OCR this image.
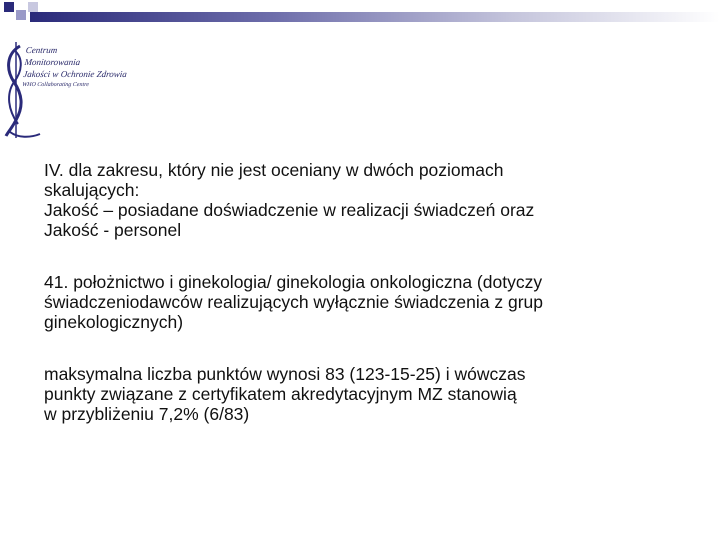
Centrum
Monitorowania
Jakości w Ochronie Zdrowia
WHO Collaborating Centre

IV. dla zakresu, który nie jest oceniany w dwóch poziomach
skalujących:
Jakość – posiadane doświadczenie w realizacji świadczeń oraz
Jakość - personel

41. położnictwo i ginekologia/ ginekologia onkologiczna (dotyczy
świadczeniodawców realizujących wyłącznie świadczenia z grup
ginekologicznych)

maksymalna liczba punktów wynosi 83 (123-15-25) i wówczas
punkty związane z certyfikatem akredytacyjnym MZ stanowią
w przybliżeniu 7,2% (6/83)
